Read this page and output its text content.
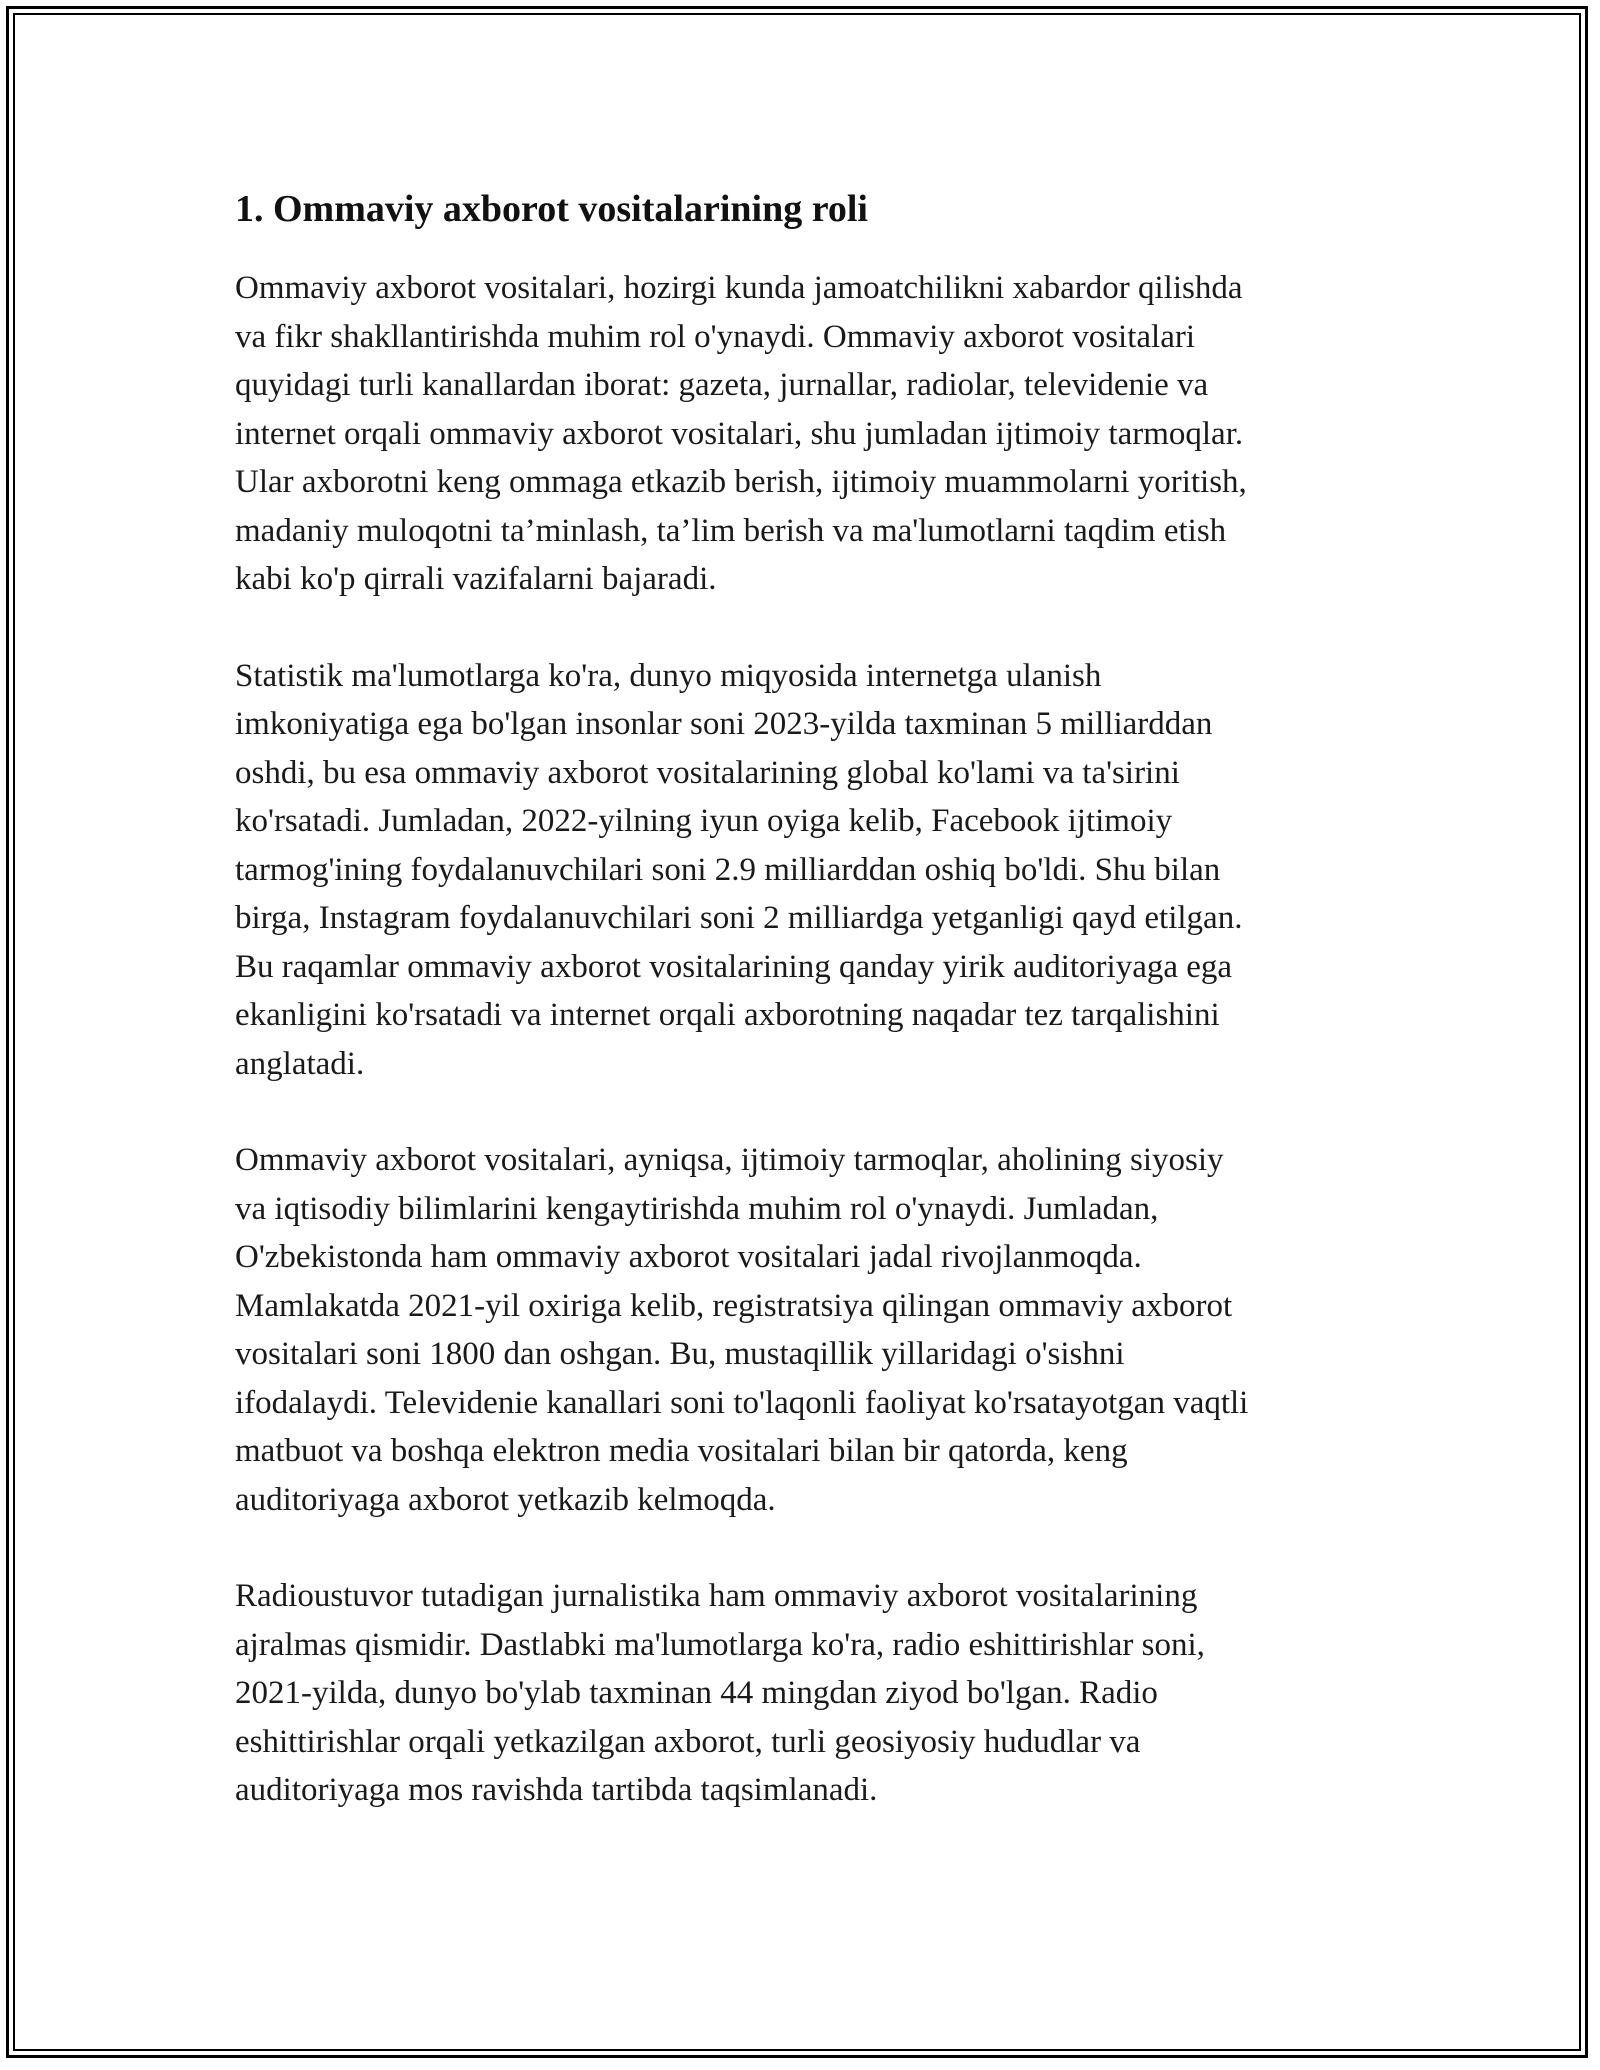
1. Ommaviy axborot vositalarining roli

Ommaviy axborot vositalari, hozirgi kunda jamoatchilikni xabardor qilishda
va fikr shakllantirishda muhim rol o'ynaydi. Ommaviy axborot vositalari
quyidagi turli kanallardan iborat: gazeta, jurnallar, radiolar, televidenie va
internet orqali ommaviy axborot vositalari, shu jumladan ijtimoiy tarmoqlar.
Ular axborotni keng ommaga etkazib berish, ijtimoiy muammolarni yoritish,
madaniy muloqotni ta’minlash, ta’lim berish va ma'lumotlarni taqdim etish
kabi ko'p qirrali vazifalarni bajaradi.

Statistik ma'lumotlarga ko'ra, dunyo miqyosida internetga ulanish
imkoniyatiga ega bo'lgan insonlar soni 2023-yilda taxminan 5 milliarddan
oshdi, bu esa ommaviy axborot vositalarining global ko'lami va ta'sirini
ko'rsatadi. Jumladan, 2022-yilning iyun oyiga kelib, Facebook ijtimoiy
tarmog'ining foydalanuvchilari soni 2.9 milliarddan oshiq bo'ldi. Shu bilan
birga, Instagram foydalanuvchilari soni 2 milliardga yetganligi qayd etilgan.
Bu raqamlar ommaviy axborot vositalarining qanday yirik auditoriyaga ega
ekanligini ko'rsatadi va internet orqali axborotning naqadar tez tarqalishini
anglatadi.

Ommaviy axborot vositalari, ayniqsa, ijtimoiy tarmoqlar, aholining siyosiy
va iqtisodiy bilimlarini kengaytirishda muhim rol o'ynaydi. Jumladan,
O'zbekistonda ham ommaviy axborot vositalari jadal rivojlanmoqda.
Mamlakatda 2021-yil oxiriga kelib, registratsiya qilingan ommaviy axborot
vositalari soni 1800 dan oshgan. Bu, mustaqillik yillaridagi o'sishni
ifodalaydi. Televidenie kanallari soni to'laqonli faoliyat ko'rsatayotgan vaqtli
matbuot va boshqa elektron media vositalari bilan bir qatorda, keng
auditoriyaga axborot yetkazib kelmoqda.

Radioustuvor tutadigan jurnalistika ham ommaviy axborot vositalarining
ajralmas qismidir. Dastlabki ma'lumotlarga ko'ra, radio eshittirishlar soni,
2021-yilda, dunyo bo'ylab taxminan 44 mingdan ziyod bo'lgan. Radio
eshittirishlar orqali yetkazilgan axborot, turli geosiyosiy hududlar va
auditoriyaga mos ravishda tartibda taqsimlanadi.
